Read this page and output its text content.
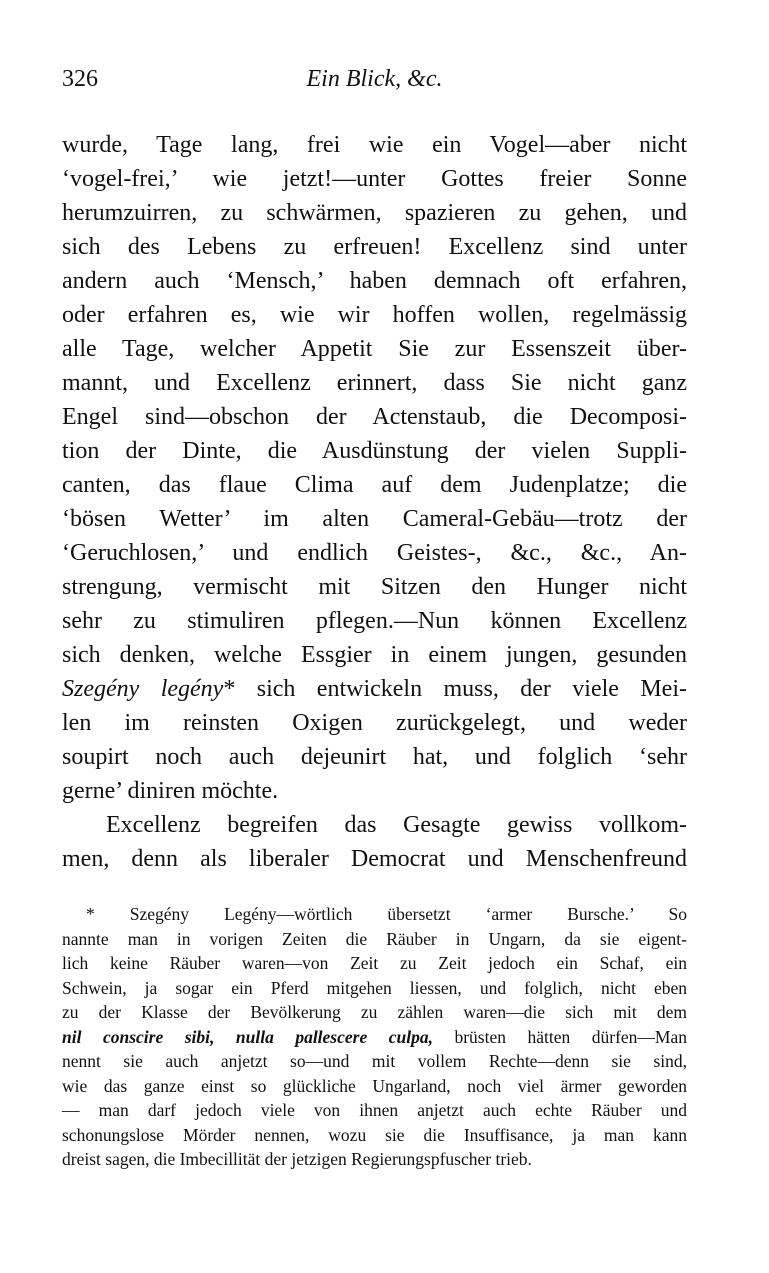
326	Ein Blick, &c.
wurde, Tage lang, frei wie ein Vogel—aber nicht
‘vogel-frei,’ wie jetzt!—unter Gottes freier Sonne
herumzuirren, zu schwärmen, spazieren zu gehen, und
sich des Lebens zu erfreuen! Excellenz sind unter
andern auch ‘Mensch,’ haben demnach oft erfahren,
oder erfahren es, wie wir hoffen wollen, regelmässig
alle Tage, welcher Appetit Sie zur Essenszeit über-
mannt, und Excellenz erinnert, dass Sie nicht ganz
Engel sind—obschon der Actenstaub, die Decomposi-
tion der Dinte, die Ausdünstung der vielen Suppli-
canten, das flaue Clima auf dem Judenplatze; die
‘bösen Wetter’ im alten Cameral-Gebäu—trotz der
‘Geruchlosen,’ und endlich Geistes-, &c., &c., An-
strengung, vermischt mit Sitzen den Hunger nicht
sehr zu stimuliren pflegen.—Nun können Excellenz
sich denken, welche Essgier in einem jungen, gesunden
Szegény legény* sich entwickeln muss, der viele Mei-
len im reinsten Oxigen zurückgelegt, und weder
soupirt noch auch dejeunirt hat, und folglich ‘sehr
gerne’ diniren möchte.
Excellenz begreifen das Gesagte gewiss vollkom-
men, denn als liberaler Democrat und Menschenfreund
* Szegény Legény—wörtlich übersetzt ‘armer Bursche.’ So
nannte man in vorigen Zeiten die Räuber in Ungarn, da sie eigent-
lich keine Räuber waren—von Zeit zu Zeit jedoch ein Schaf, ein
Schwein, ja sogar ein Pferd mitgehen liessen, und folglich, nicht eben
zu der Klasse der Bevölkerung zu zählen waren—die sich mit dem
nil conscire sibi, nulla pallescere culpa, brüsten hätten dürfen—Man
nennt sie auch anjetzt so—und mit vollem Rechte—denn sie sind,
wie das ganze einst so glückliche Ungarland, noch viel ärmer geworden
— man darf jedoch viele von ihnen anjetzt auch echte Räuber und
schonungslose Mörder nennen, wozu sie die Insuffisance, ja man kann
dreist sagen, die Imbecillität der jetzigen Regierungspfuscher trieb.
